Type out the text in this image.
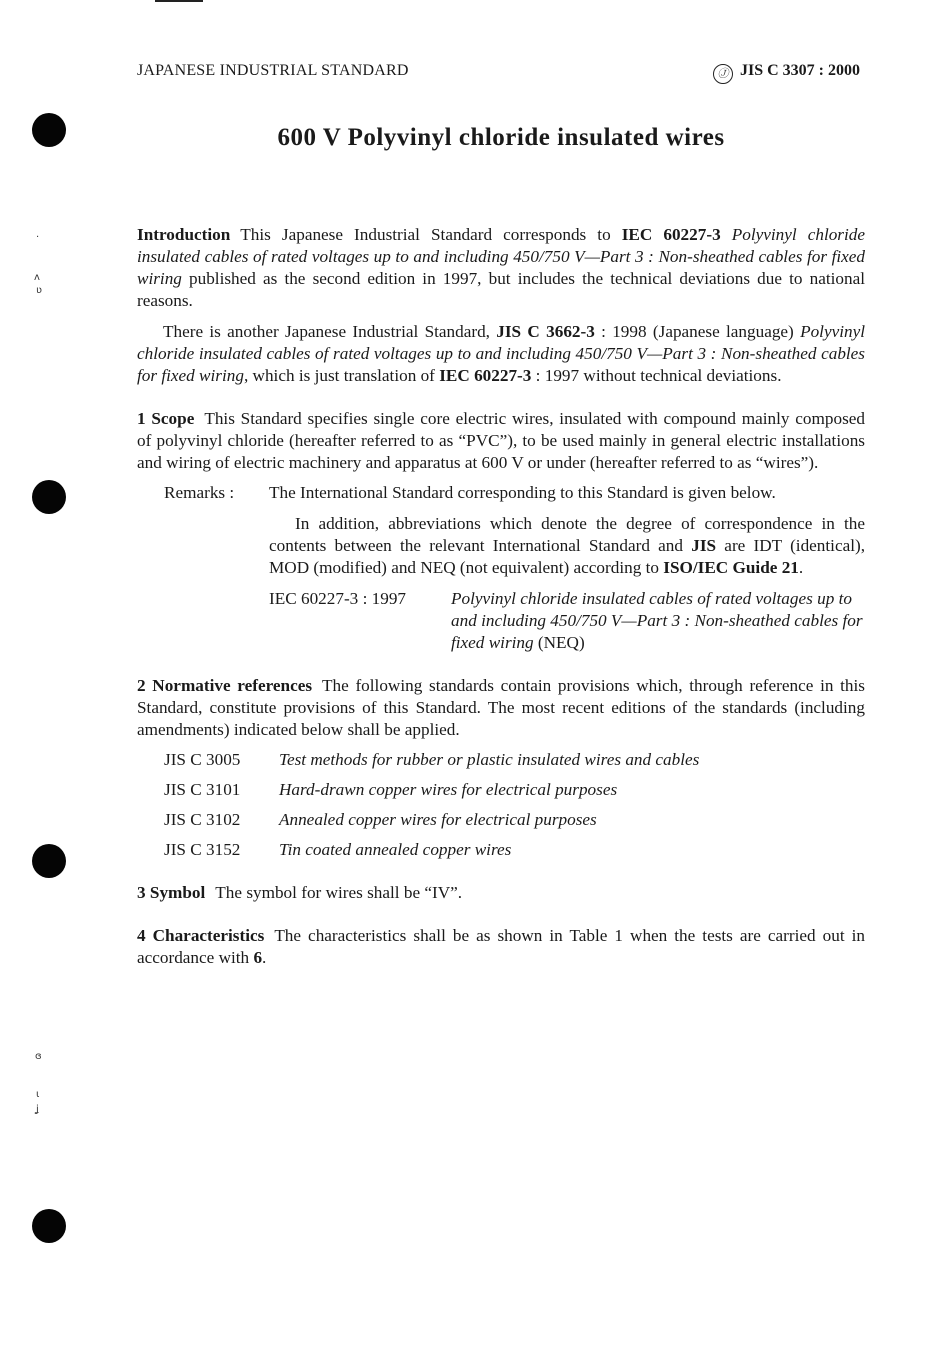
·
ʌ
ʋ
ɞ
ɩ
ʝ
JAPANESE INDUSTRIAL STANDARD	Ⓙ JIS C 3307 : 2000
600 V Polyvinyl chloride insulated wires

Introduction This Japanese Industrial Standard corresponds to IEC 60227-3 Polyvinyl chloride insulated cables of rated voltages up to and including 450/750 V—Part 3 : Non-sheathed cables for fixed wiring published as the second edition in 1997, but includes the technical deviations due to national reasons.

There is another Japanese Industrial Standard, JIS C 3662-3 : 1998 (Japanese language) Polyvinyl chloride insulated cables of rated voltages up to and including 450/750 V—Part 3 : Non-sheathed cables for fixed wiring, which is just translation of IEC 60227-3 : 1997 without technical deviations.

1 Scope This Standard specifies single core electric wires, insulated with compound mainly composed of polyvinyl chloride (hereafter referred to as “PVC”), to be used mainly in general electric installations and wiring of electric machinery and apparatus at 600 V or under (hereafter referred to as “wires”).

Remarks :	The International Standard corresponding to this Standard is given below.

In addition, abbreviations which denote the degree of correspondence in the contents between the relevant International Standard and JIS are IDT (identical), MOD (modified) and NEQ (not equivalent) according to ISO/IEC Guide 21.

IEC 60227-3 : 1997	Polyvinyl chloride insulated cables of rated voltages up to and including 450/750 V—Part 3 : Non-sheathed cables for fixed wiring (NEQ)

2 Normative references The following standards contain provisions which, through reference in this Standard, constitute provisions of this Standard. The most recent editions of the standards (including amendments) indicated below shall be applied.

JIS C 3005	Test methods for rubber or plastic insulated wires and cables
JIS C 3101	Hard-drawn copper wires for electrical purposes
JIS C 3102	Annealed copper wires for electrical purposes
JIS C 3152	Tin coated annealed copper wires

3 Symbol The symbol for wires shall be “IV”.

4 Characteristics The characteristics shall be as shown in Table 1 when the tests are carried out in accordance with 6.
